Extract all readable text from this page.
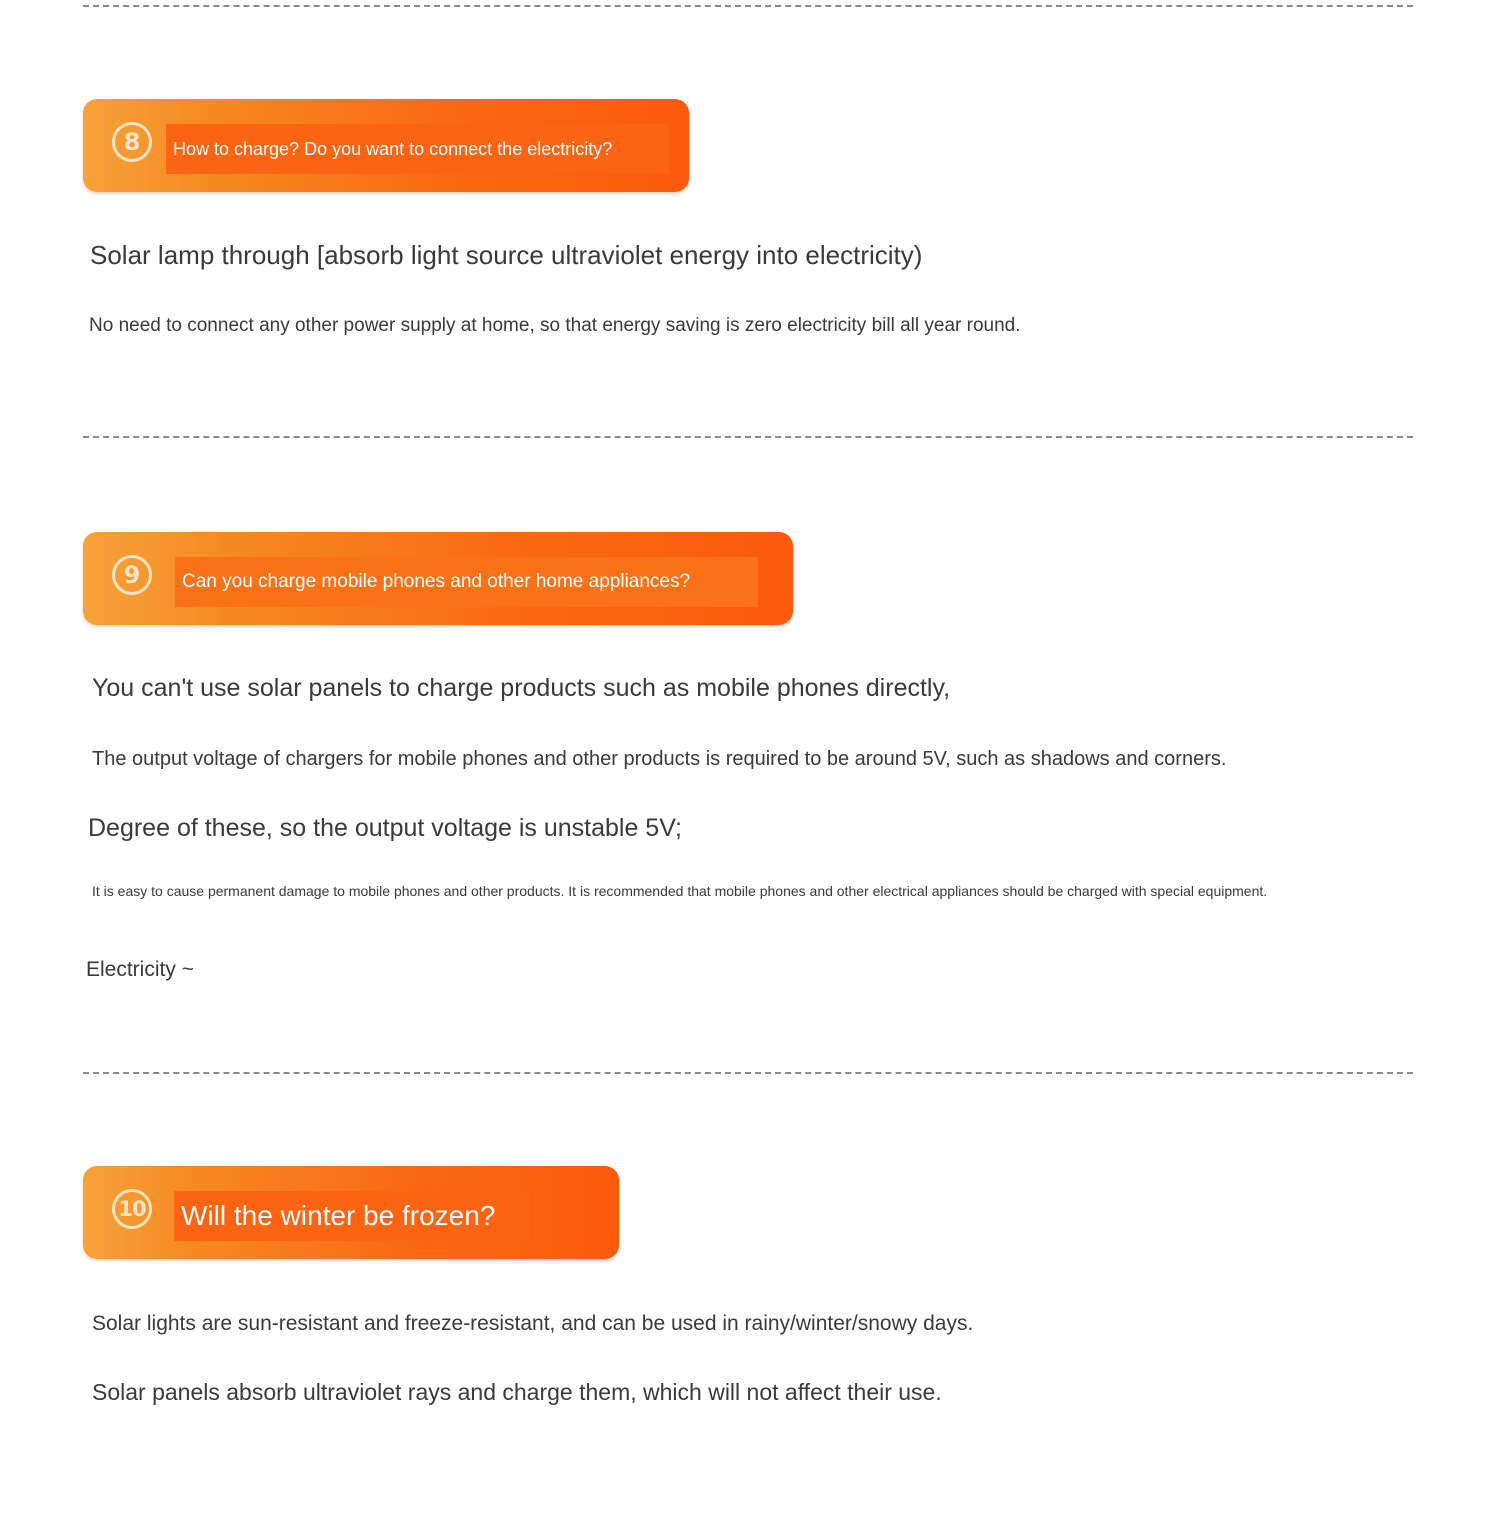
8 How to charge? Do you want to connect the electricity?
Solar lamp through [absorb light source ultraviolet energy into electricity)
No need to connect any other power supply at home, so that energy saving is zero electricity bill all year round.
9 Can you charge mobile phones and other home appliances?
You can't use solar panels to charge products such as mobile phones directly,
The output voltage of chargers for mobile phones and other products is required to be around 5V, such as shadows and corners.
Degree of these, so the output voltage is unstable 5V;
It is easy to cause permanent damage to mobile phones and other products. It is recommended that mobile phones and other electrical appliances should be charged with special equipment.
Electricity ~
10 Will the winter be frozen?
Solar lights are sun-resistant and freeze-resistant, and can be used in rainy/winter/snowy days.
Solar panels absorb ultraviolet rays and charge them, which will not affect their use.
